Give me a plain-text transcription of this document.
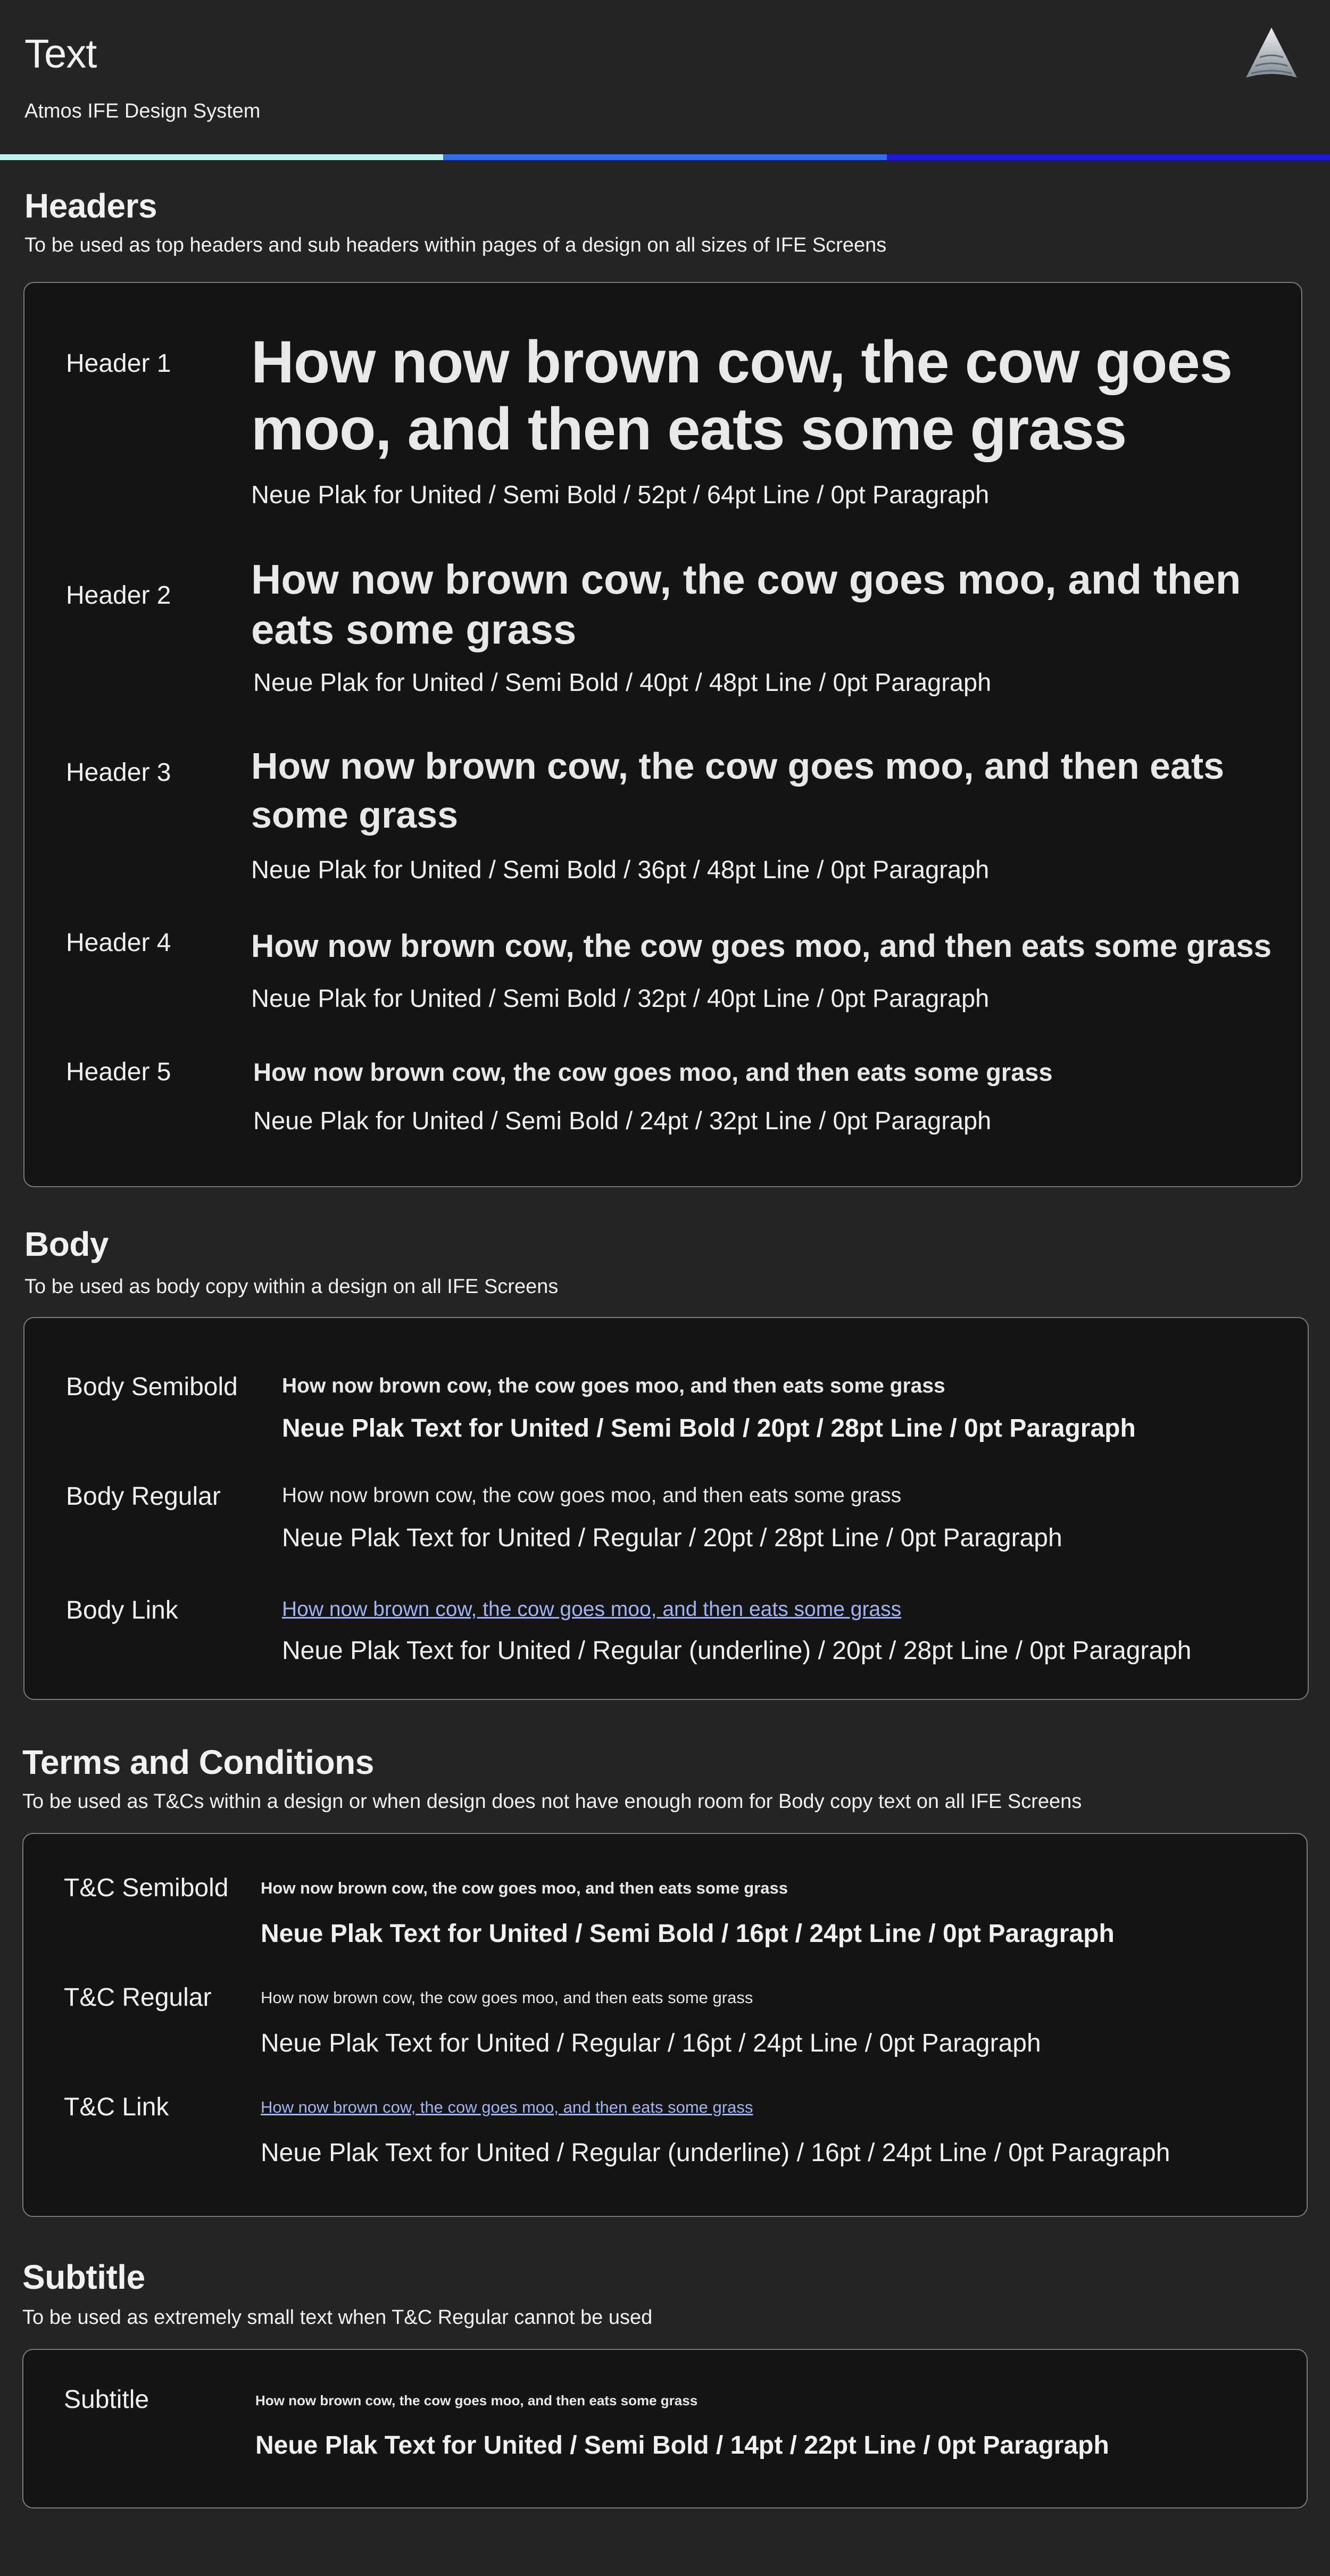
Text

Atmos IFE Design System

Headers

To be used as top headers and sub headers within pages of a design on all sizes of IFE Screens

Header 1 How now brown cow, the cow goes moo, and then eats some grass

Neue Plak for United / Semi Bold / 52pt / 64pt Line / 0pt Paragraph

Header 2 How now brown cow, the cow goes moo, and then eats some grass

Neue Plak for United / Semi Bold / 40pt / 48pt Line / 0pt Paragraph

Header 3 How now brown cow, the cow goes moo, and then eats some grass

Neue Plak for United / Semi Bold / 36pt / 48pt Line / 0pt Paragraph

Header 4	How now brown cow, the cow goes moo, and then eats some grass

Neue Plak for United / Semi Bold / 32pt / 40pt Line / 0pt Paragraph

Header 5	How now brown cow, the cow goes moo, and then eats some grass

Neue Plak for United / Semi Bold / 24pt / 32pt Line / 0pt Paragraph

Body

To be used as body copy within a design on all IFE Screens

Body Semibold How now brown cow, the cow goes moo, and then eats some grass

Neue Plak Text for United / Semi Bold / 20pt / 28pt Line / 0pt Paragraph

Body Regular	How now brown cow, the cow goes moo, and then eats some grass

Neue Plak Text for United / Regular / 20pt / 28pt Line / 0pt Paragraph

Body Link	How now brown cow, the cow goes moo, and then eats some grass

Neue Plak Text for United / Regular (underline) / 20pt / 28pt Line / 0pt Paragraph

Terms and Conditions

To be used as T&Cs within a design or when design does not have enough room for Body copy text on all IFE Screens

T&C Semibold How now brown cow, the cow goes moo, and then eats some grass

Neue Plak Text for United / Semi Bold / 16pt / 24pt Line / 0pt Paragraph

T&C Regular	How now brown cow, the cow goes moo, and then eats some grass

Neue Plak Text for United / Regular / 16pt / 24pt Line / 0pt Paragraph

T&C Link	How now brown cow, the cow goes moo, and then eats some grass

Neue Plak Text for United / Regular (underline) / 16pt / 24pt Line / 0pt Paragraph

Subtitle

To be used as extremely small text when T&C Regular cannot be used

Subtitle	How now brown cow, the cow goes moo, and then eats some grass

Neue Plak Text for United / Semi Bold / 14pt / 22pt Line / 0pt Paragraph
